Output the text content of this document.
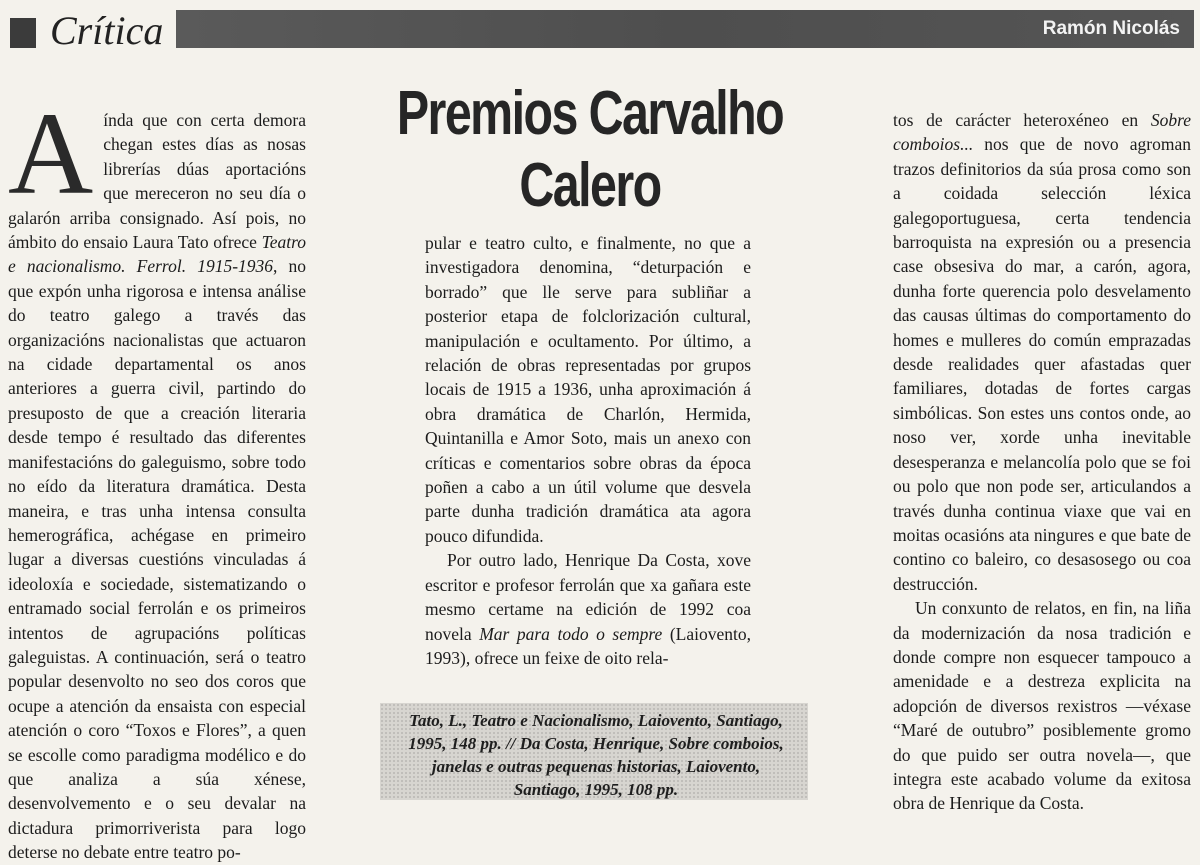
Crítica	Ramón Nicolás
Premios Carvalho Calero

Aínda que con certa demora chegan estes días as nosas librerías dúas aportacións que mereceron no seu día o galarón arriba consignado. Así pois, no ámbito do ensaio Laura Tato ofrece Teatro e nacionalismo. Ferrol. 1915-1936, no que expón unha rigorosa e intensa análise do teatro galego a través das organizacións nacionalistas que actuaron na cidade departamental os anos anteriores a guerra civil, partindo do presuposto de que a creación literaria desde tempo é resultado das diferentes manifestacións do galeguismo, sobre todo no eído da literatura dramática. Desta maneira, e tras unha intensa consulta hemerográfica, achégase en primeiro lugar a diversas cuestións vinculadas á ideoloxía e sociedade, sistematizando o entramado social ferrolán e os primeiros intentos de agrupacións políticas galeguistas. A continuación, será o teatro popular desenvolto no seo dos coros que ocupe a atención da ensaista con especial atención o coro “Toxos e Flores”, a quen se escolle como paradigma modélico e do que analiza a súa xénese, desenvolvemento e o seu devalar na dictadura primorriverista para logo deterse no debate entre teatro po-

pular e teatro culto, e finalmente, no que a investigadora denomina, “deturpación e borrado” que lle serve para subliñar a posterior etapa de folclorización cultural, manipulación e ocultamento. Por último, a relación de obras representadas por grupos locais de 1915 a 1936, unha aproximación á obra dramática de Charlón, Hermida, Quintanilla e Amor Soto, mais un anexo con críticas e comentarios sobre obras da época poñen a cabo a un útil volume que desvela parte dunha tradición dramática ata agora pouco difundida.

Por outro lado, Henrique Da Costa, xove escritor e profesor ferrolán que xa gañara este mesmo certame na edición de 1992 coa novela Mar para todo o sempre (Laiovento, 1993), ofrece un feixe de oito rela-

tos de carácter heteroxéneo en Sobre comboios... nos que de novo agroman trazos definitorios da súa prosa como son a coidada selección léxica galegoportuguesa, certa tendencia barroquista na expresión ou a presencia case obsesiva do mar, a carón, agora, dunha forte querencia polo desvelamento das causas últimas do comportamento do homes e mulleres do común emprazadas desde realidades quer afastadas quer familiares, dotadas de fortes cargas simbólicas. Son estes uns contos onde, ao noso ver, xorde unha inevitable desesperanza e melancolía polo que se foi ou polo que non pode ser, articulandos a través dunha continua viaxe que vai en moitas ocasións ata ningures e que bate de contino co baleiro, co desasosego ou coa destrucción.

Un conxunto de relatos, en fin, na liña da modernización da nosa tradición e donde compre non esquecer tampouco a amenidade e a destreza explicita na adopción de diversos rexistros —véxase “Maré de outubro” posiblemente gromo do que puido ser outra novela—, que integra este acabado volume da exitosa obra de Henrique da Costa.

Tato, L., Teatro e Nacionalismo, Laiovento, Santiago, 1995, 148 pp. // Da Costa, Henrique, Sobre comboios, janelas e outras pequenas historias, Laiovento, Santiago, 1995, 108 pp.
